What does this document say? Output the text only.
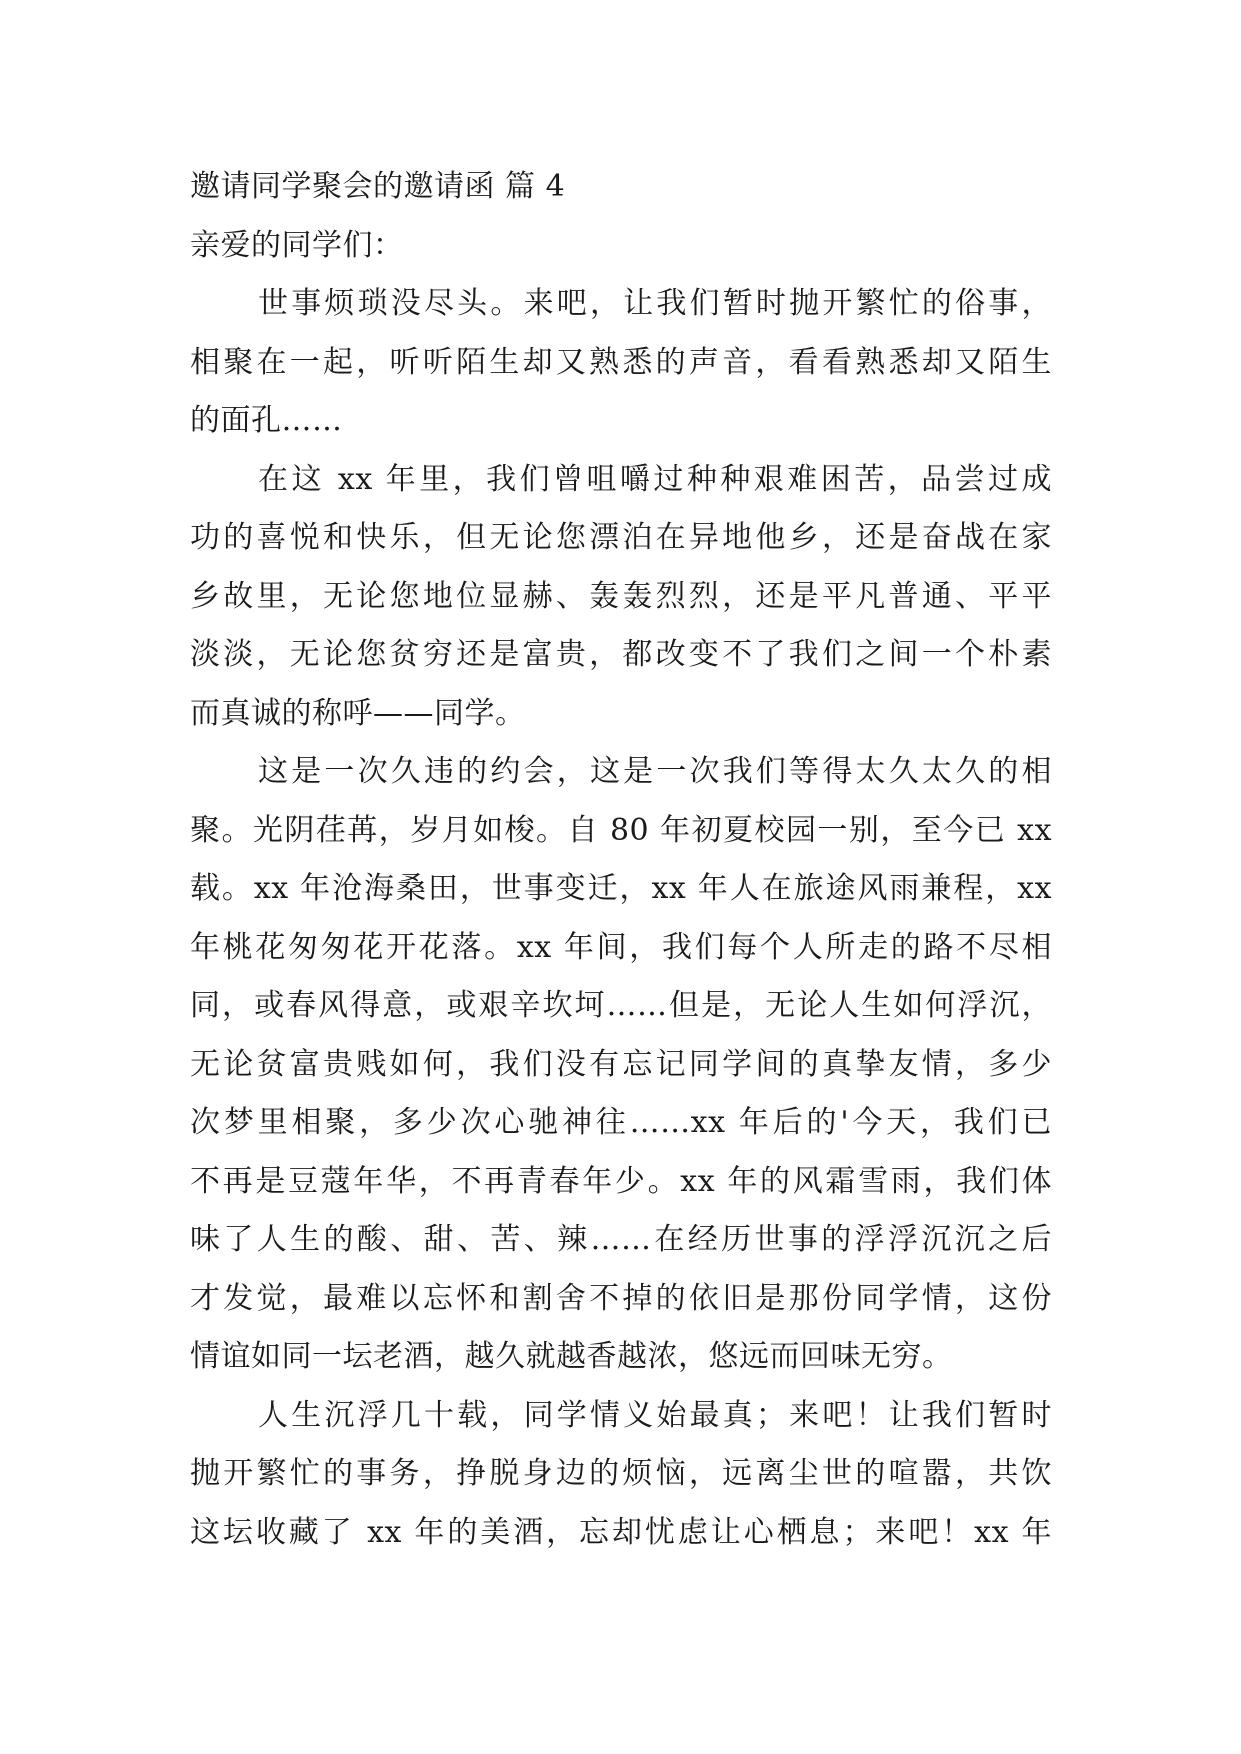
邀请同学聚会的邀请函 篇 4
亲爱的同学们：
世事烦琐没尽头。来吧，让我们暂时抛开繁忙的俗事，
相聚在一起，听听陌生却又熟悉的声音，看看熟悉却又陌生
的面孔……
在这 xx 年里，我们曾咀嚼过种种艰难困苦，品尝过成
功的喜悦和快乐，但无论您漂泊在异地他乡，还是奋战在家
乡故里，无论您地位显赫、轰轰烈烈，还是平凡普通、平平
淡淡，无论您贫穷还是富贵，都改变不了我们之间一个朴素
而真诚的称呼——同学。
这是一次久违的约会，这是一次我们等得太久太久的相
聚。光阴荏苒，岁月如梭。自 80 年初夏校园一别，至今已 xx
载。xx 年沧海桑田，世事变迁，xx 年人在旅途风雨兼程，xx
年桃花匆匆花开花落。xx 年间，我们每个人所走的路不尽相
同，或春风得意，或艰辛坎坷……但是，无论人生如何浮沉，
无论贫富贵贱如何，我们没有忘记同学间的真挚友情，多少
次梦里相聚，多少次心驰神往……xx 年后的'今天，我们已
不再是豆蔻年华，不再青春年少。xx 年的风霜雪雨，我们体
味了人生的酸、甜、苦、辣……在经历世事的浮浮沉沉之后
才发觉，最难以忘怀和割舍不掉的依旧是那份同学情，这份
情谊如同一坛老酒，越久就越香越浓，悠远而回味无穷。
人生沉浮几十载，同学情义始最真；来吧！让我们暂时
抛开繁忙的事务，挣脱身边的烦恼，远离尘世的喧嚣，共饮
这坛收藏了 xx 年的美酒，忘却忧虑让心栖息；来吧！xx 年
